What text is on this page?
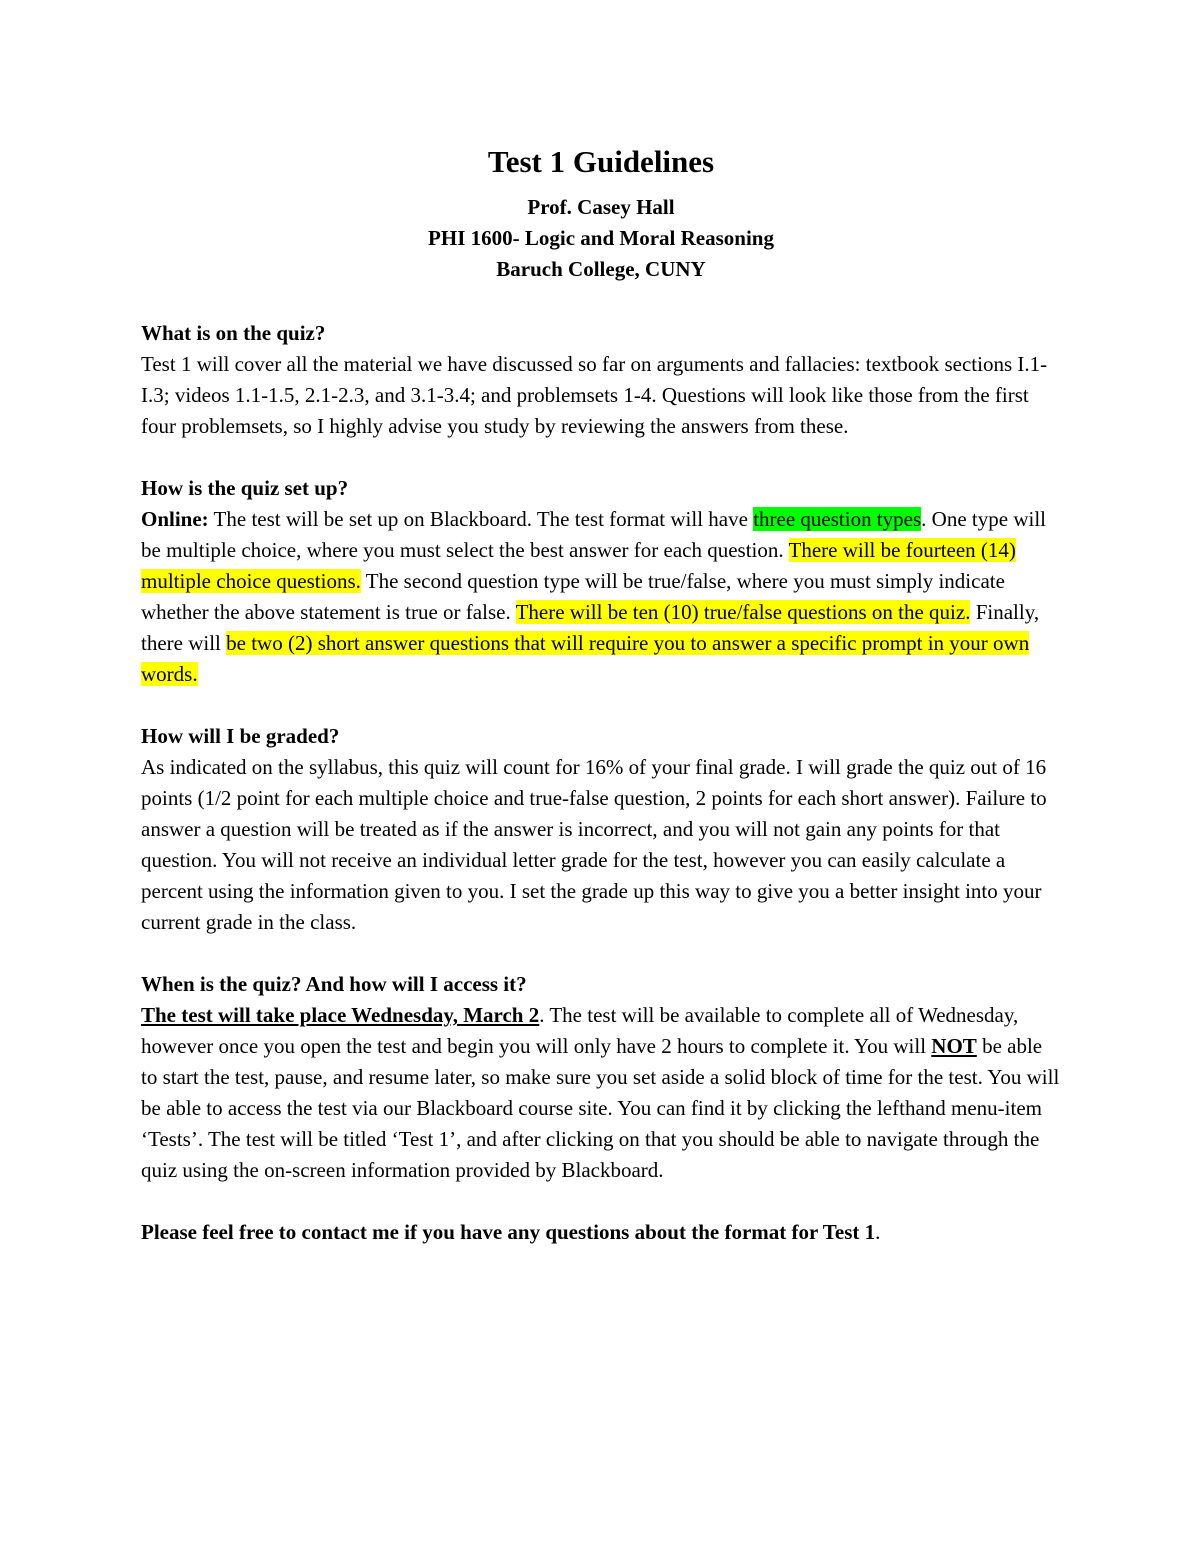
Test 1 Guidelines

Prof. Casey Hall

PHI 1600- Logic and Moral Reasoning

Baruch College, CUNY

What is on the quiz?

Test 1 will cover all the material we have discussed so far on arguments and fallacies: textbook sections I.1-I.3; videos 1.1-1.5, 2.1-2.3, and 3.1-3.4; and problemsets 1-4. Questions will look like those from the first four problemsets, so I highly advise you study by reviewing the answers from these.

How is the quiz set up?

Online: The test will be set up on Blackboard. The test format will have three question types. One type will be multiple choice, where you must select the best answer for each question. There will be fourteen (14) multiple choice questions. The second question type will be true/false, where you must simply indicate whether the above statement is true or false. There will be ten (10) true/false questions on the quiz. Finally, there will be two (2) short answer questions that will require you to answer a specific prompt in your own words.

How will I be graded?

As indicated on the syllabus, this quiz will count for 16% of your final grade. I will grade the quiz out of 16 points (1/2 point for each multiple choice and true-false question, 2 points for each short answer). Failure to answer a question will be treated as if the answer is incorrect, and you will not gain any points for that question. You will not receive an individual letter grade for the test, however you can easily calculate a percent using the information given to you. I set the grade up this way to give you a better insight into your current grade in the class.

When is the quiz? And how will I access it?

The test will take place Wednesday, March 2. The test will be available to complete all of Wednesday, however once you open the test and begin you will only have 2 hours to complete it. You will NOT be able to start the test, pause, and resume later, so make sure you set aside a solid block of time for the test. You will be able to access the test via our Blackboard course site. You can find it by clicking the lefthand menu-item ‘Tests’. The test will be titled ‘Test 1’, and after clicking on that you should be able to navigate through the quiz using the on-screen information provided by Blackboard.

Please feel free to contact me if you have any questions about the format for Test 1.
